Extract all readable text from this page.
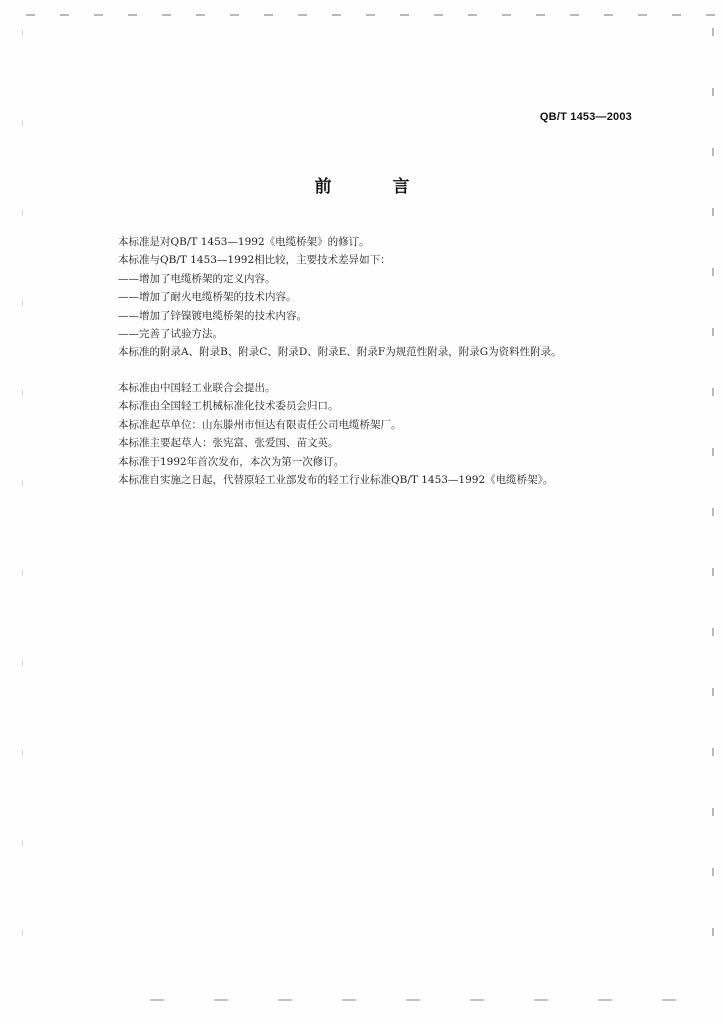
QB/T 1453—2003
前　言
本标准是对QB/T 1453—1992《电缆桥架》的修订。
本标准与QB/T 1453—1992相比较，主要技术差异如下：
——增加了电缆桥架的定义内容。
——增加了耐火电缆桥架的技术内容。
——增加了锌镍镀电缆桥架的技术内容。
——完善了试验方法。
本标准的附录A、附录B、附录C、附录D、附录E、附录F为规范性附录，附录G为资料性附录。
本标准由中国轻工业联合会提出。
本标准由全国轻工机械标准化技术委员会归口。
本标准起草单位：山东滕州市恒达有限责任公司电缆桥架厂。
本标准主要起草人：张宪富、张爱国、苗文英。
本标准于1992年首次发布，本次为第一次修订。
本标准自实施之日起，代替原轻工业部发布的轻工行业标准QB/T 1453—1992《电缆桥架》。
